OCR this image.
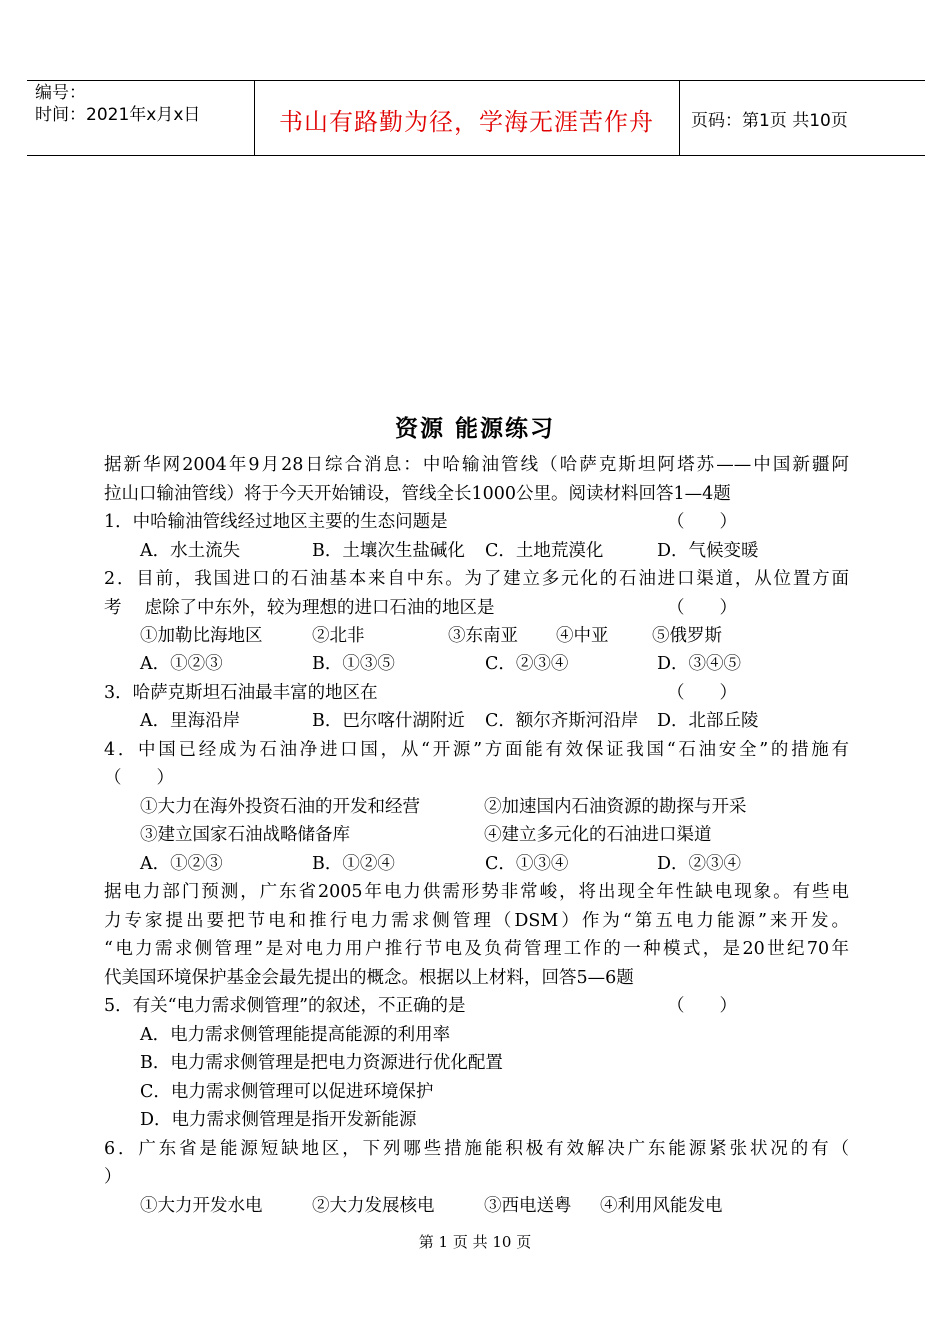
编号：
时间：2021年x月x日	书山有路勤为径，学海无涯苦作舟	页码：第1页 共10页
资源 能源练习
据新华网2004年9月28日综合消息：中哈输油管线（哈萨克斯坦阿塔苏——中国新疆阿
拉山口输油管线）将于今天开始铺设，管线全长1000公里。阅读材料回答1—4题
1．中哈输油管线经过地区主要的生态问题是	（　　）
A．水土流失	B．土壤次生盐碱化 C．土地荒漠化	D．气候变暖
2．目前，我国进口的石油基本来自中东。为了建立多元化的石油进口渠道，从位置方面
考　 虑除了中东外，较为理想的进口石油的地区是	（　　）
①加勒比海地区	②北非	③东南亚 ④中亚 ⑤俄罗斯
A．①②③	B．①③⑤	C．②③④	D．③④⑤
3．哈萨克斯坦石油最丰富的地区在	（　　）
A．里海沿岸	B．巴尔喀什湖附近 C．额尔齐斯河沿岸 D．北部丘陵
4．中国已经成为石油净进口国，从“开源”方面能有效保证我国“石油安全”的措施有
（　　）
①大力在海外投资石油的开发和经营	②加速国内石油资源的勘探与开采
③建立国家石油战略储备库	④建立多元化的石油进口渠道
A．①②③	B．①②④	C．①③④	D．②③④
据电力部门预测，广东省2005年电力供需形势非常峻，将出现全年性缺电现象。有些电
力专家提出要把节电和推行电力需求侧管理（DSM）作为“第五电力能源”来开发。
“电力需求侧管理”是对电力用户推行节电及负荷管理工作的一种模式，是20世纪70年
代美国环境保护基金会最先提出的概念。根据以上材料，回答5—6题
5．有关“电力需求侧管理”的叙述，不正确的是	（　　）
A．电力需求侧管理能提高能源的利用率
B．电力需求侧管理是把电力资源进行优化配置
C．电力需求侧管理可以促进环境保护
D．电力需求侧管理是指开发新能源
6．广东省是能源短缺地区，下列哪些措施能积极有效解决广东能源紧张状况的有（
）
①大力开发水电	②大力发展核电	③西电送粤 ④利用风能发电
第 1 页 共 10 页
